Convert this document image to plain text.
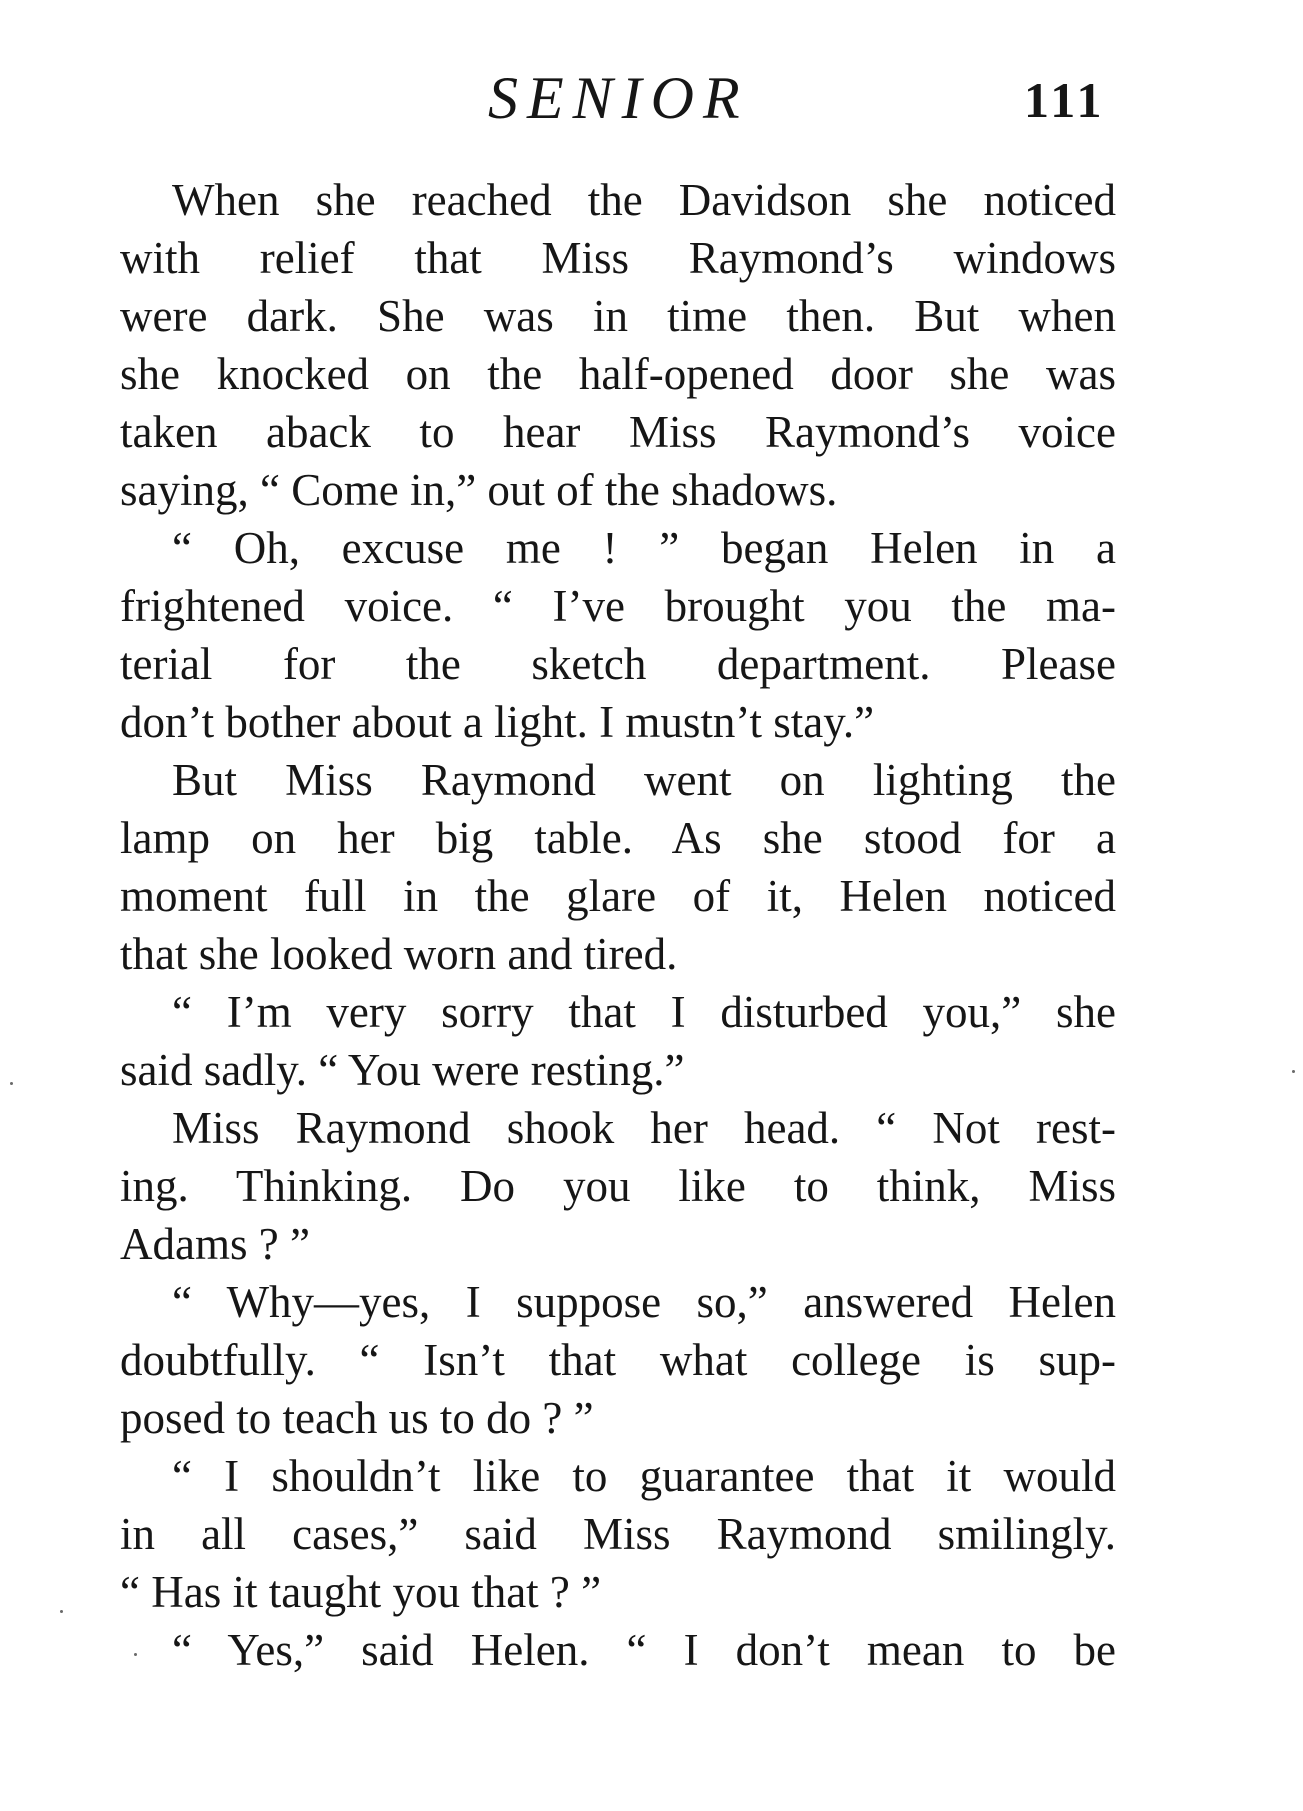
SENIOR	111
When she reached the Davidson she noticed
with relief that Miss Raymond’s windows
were dark. She was in time then. But when
she knocked on the half-opened door she was
taken aback to hear Miss Raymond’s voice
saying, “ Come in,” out of the shadows.
“ Oh, excuse me ! ” began Helen in a
frightened voice. “ I’ve brought you the ma-
terial for the sketch department. Please
don’t bother about a light. I mustn’t stay.”
But Miss Raymond went on lighting the
lamp on her big table. As she stood for a
moment full in the glare of it, Helen noticed
that she looked worn and tired.
“ I’m very sorry that I disturbed you,” she
said sadly. “ You were resting.”
Miss Raymond shook her head. “ Not rest-
ing. Thinking. Do you like to think, Miss
Adams ? ”
“ Why—yes, I suppose so,” answered Helen
doubtfully. “ Isn’t that what college is sup-
posed to teach us to do ? ”
“ I shouldn’t like to guarantee that it would
in all cases,” said Miss Raymond smilingly.
“ Has it taught you that ? ”
“ Yes,” said Helen. “ I don’t mean to be
